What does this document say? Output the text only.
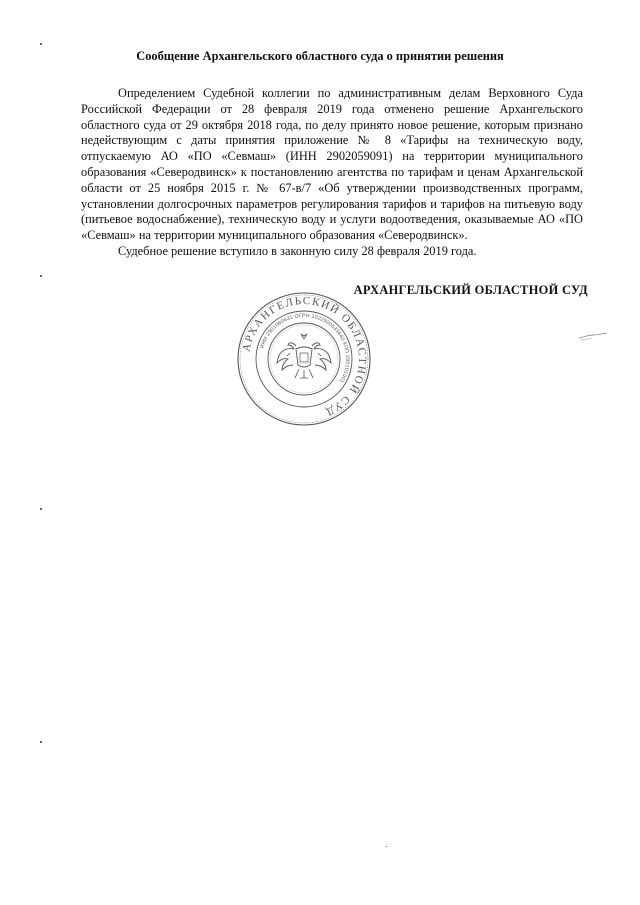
Сообщение Архангельского областного суда о принятии решения

Определением Судебной коллегии по административным делам Верховного Суда Российской Федерации от 28 февраля 2019 года отменено решение Архангельского областного суда от 29 октября 2018 года, по делу принято новое решение, которым признано недействующим с даты принятия приложение № 8 «Тарифы на техническую воду, отпускаемую АО «ПО «Севмаш» (ИНН 2902059091) на территории муниципального образования «Северодвинск» к постановлению агентства по тарифам и ценам Архангельской области от 25 ноября 2015 г. № 67-в/7 «Об утверждении производственных программ, установлении долгосрочных параметров регулирования тарифов и тарифов на питьевую воду (питьевое водоснабжение), техническую воду и услуги водоотведения, оказываемые АО «ПО «Севмаш» на территории муниципального образования «Северодвинск».

Судебное решение вступило в законную силу 28 февраля 2019 года.

АРХАНГЕЛЬСКИЙ ОБЛАСТНОЙ СУД
АРХАНГЕЛЬСКИЙ ОБЛАСТНОЙ СУД
ИНН 2901060631 ОГРН 1022900533640 КПП 290101001
